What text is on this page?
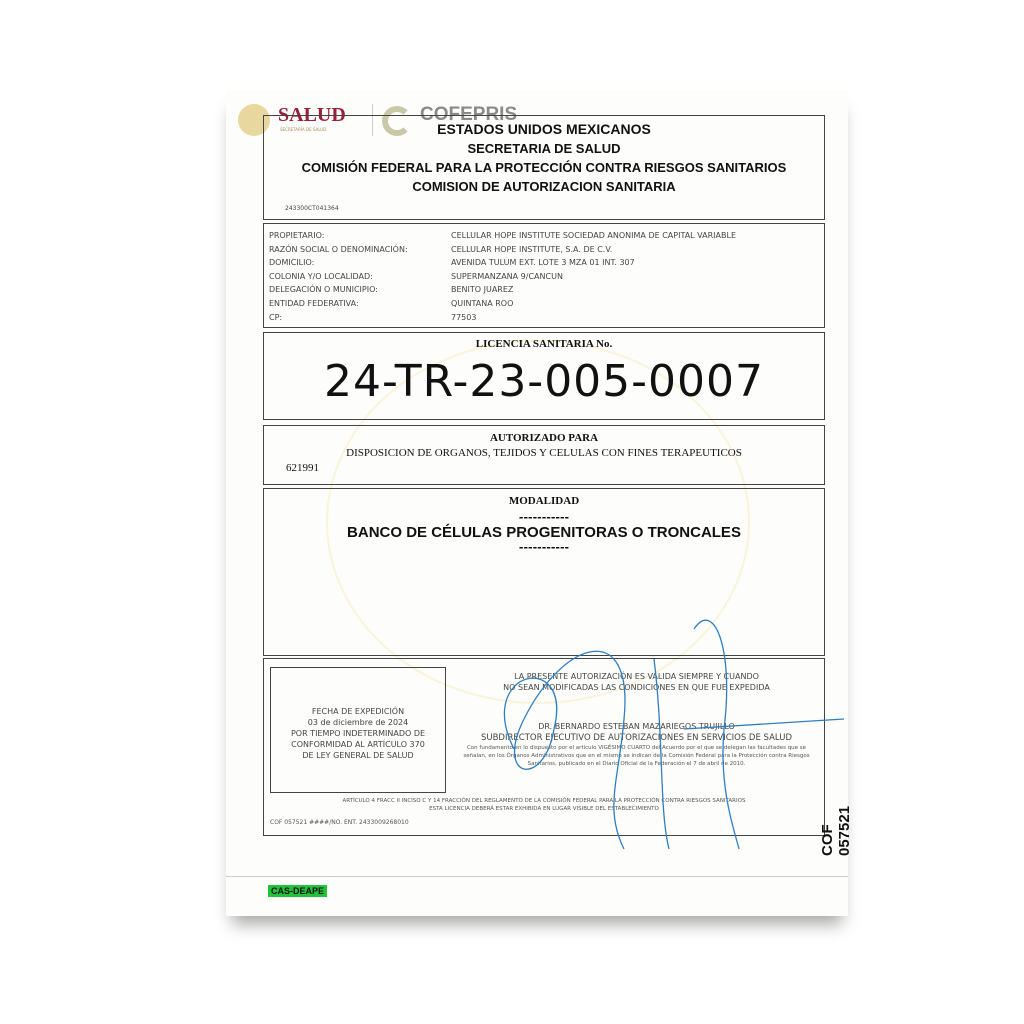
SALUD
SECRETARÍA DE SALUD
COFEPRIS
ESTADOS UNIDOS MEXICANOS
SECRETARIA DE SALUD
COMISIÓN FEDERAL PARA LA PROTECCIÓN CONTRA RIESGOS SANITARIOS
COMISION DE AUTORIZACION SANITARIA
243300CT041364
PROPIETARIO:	CELLULAR HOPE INSTITUTE SOCIEDAD ANONIMA DE CAPITAL VARIABLE
RAZÓN SOCIAL O DENOMINACIÓN:	CELLULAR HOPE INSTITUTE, S.A. DE C.V.
DOMICILIO:	AVENIDA TULUM EXT. LOTE 3 MZA 01 INT. 307
COLONIA Y/O LOCALIDAD:	SUPERMANZANA 9/CANCUN
DELEGACIÓN O MUNICIPIO:	BENITO JUAREZ
ENTIDAD FEDERATIVA:	QUINTANA ROO
CP:	77503
LICENCIA SANITARIA No.
24-TR-23-005-0007
AUTORIZADO PARA
DISPOSICION DE ORGANOS, TEJIDOS Y CELULAS CON FINES TERAPEUTICOS
621991
MODALIDAD
-----------
BANCO DE CÉLULAS PROGENITORAS O TRONCALES
-----------
FECHA DE EXPEDICIÓN
03 de diciembre de 2024
POR TIEMPO INDETERMINADO DE
CONFORMIDAD AL ARTÍCULO 370
DE LEY GENERAL DE SALUD
LA PRESENTE AUTORIZACIÓN ES VALIDA SIEMPRE Y CUANDO
NO SEAN MODIFICADAS LAS CONDICIONES EN QUE FUE EXPEDIDA
DR. BERNARDO ESTEBAN MAZARIEGOS TRUJILLO
SUBDIRECTOR EJECUTIVO DE AUTORIZACIONES EN SERVICIOS DE SALUD
Con fundamento en lo dispuesto por el artículo VIGÉSIMO CUARTO del Acuerdo por el que se delegan las facultades que se señalan, en los Órganos Administrativos que en el mismo se indican de la Comisión Federal para la Protección contra Riesgos Sanitarios, publicado en el Diario Oficial de la Federación el 7 de abril de 2010.
ARTÍCULO 4 FRACC II INCISO C Y 14 FRACCIÓN DEL REGLAMENTO DE LA COMISIÓN FEDERAL PARA LA PROTECCIÓN CONTRA RIESGOS SANITARIOS
ESTA LICENCIA DEBERÁ ESTAR EXHIBIDA EN LUGAR VISIBLE DEL ESTABLECIMIENTO
COF 057521 ####/NO. ENT. 2433009268010
COF 057521
CAS-DEAPE
